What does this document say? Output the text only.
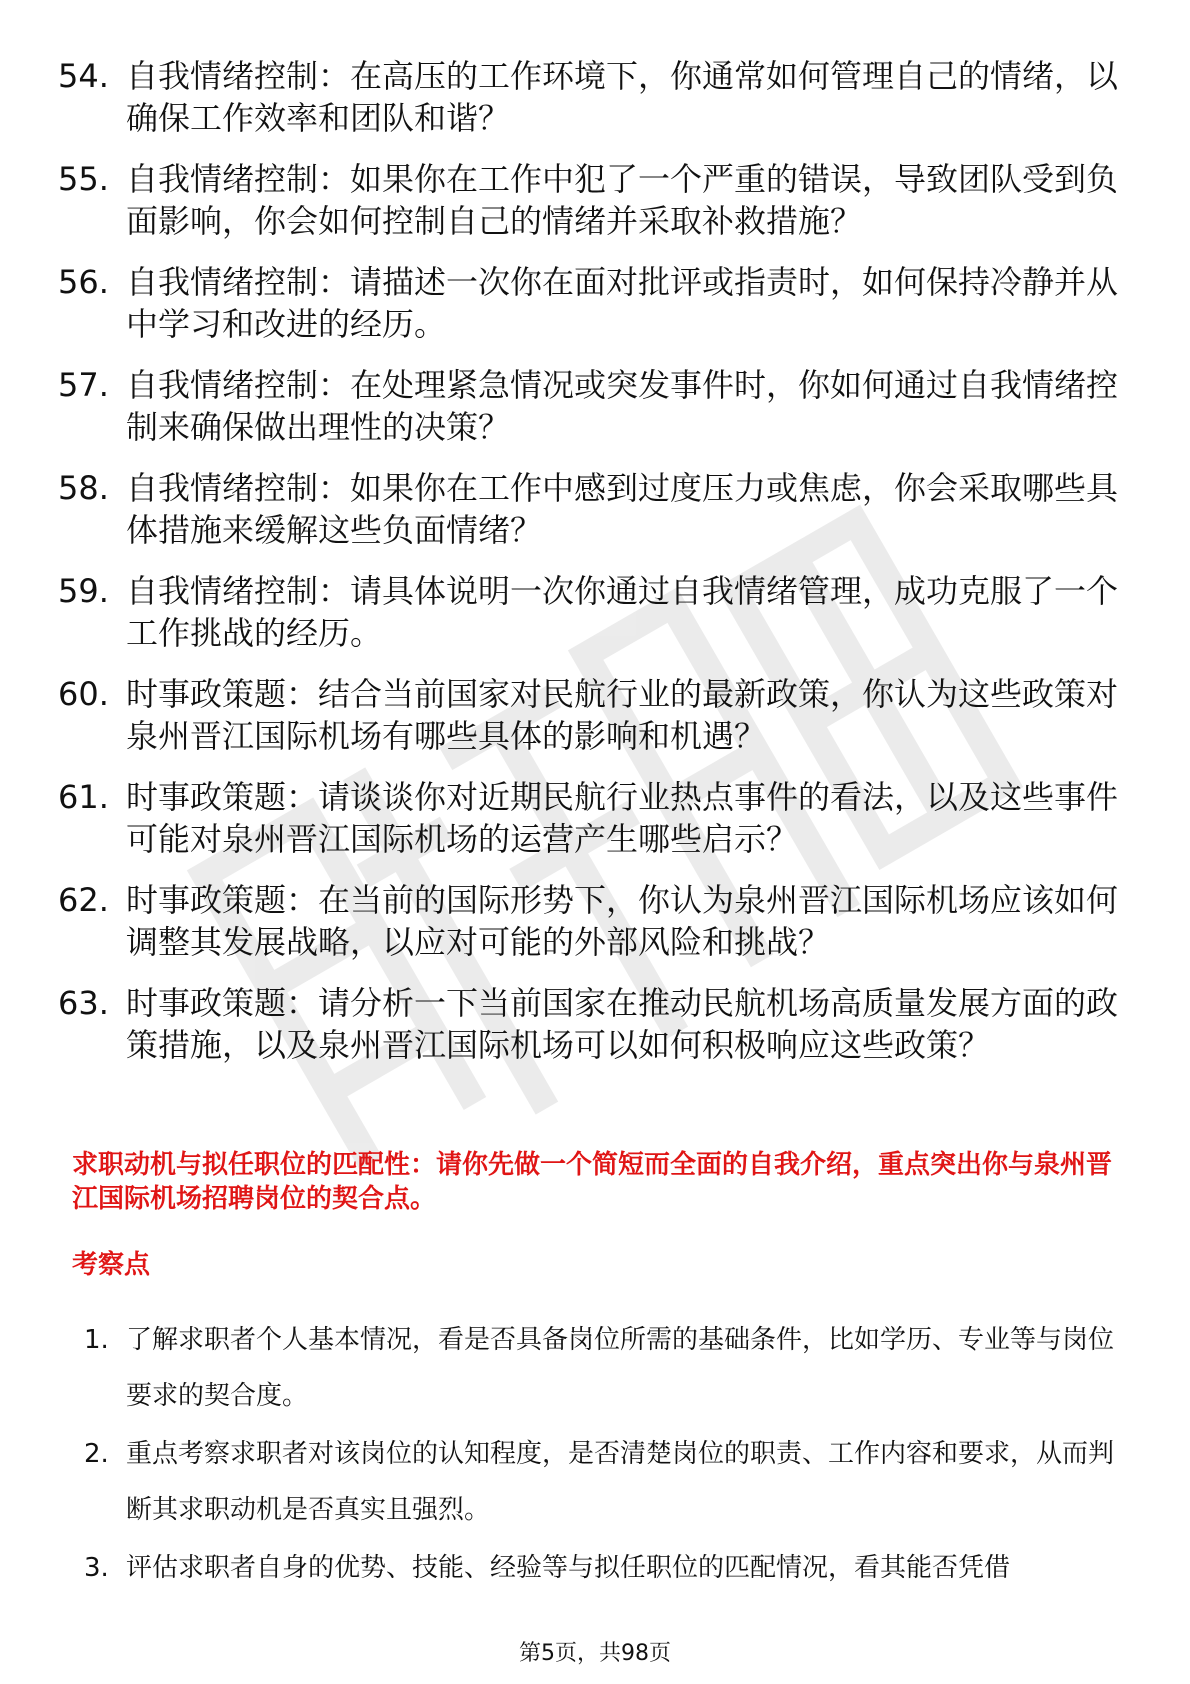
54. 自我情绪控制：在高压的工作环境下，你通常如何管理自己的情绪，以确保工作效率和团队和谐？
55. 自我情绪控制：如果你在工作中犯了一个严重的错误，导致团队受到负面影响，你会如何控制自己的情绪并采取补救措施？
56. 自我情绪控制：请描述一次你在面对批评或指责时，如何保持冷静并从中学习和改进的经历。
57. 自我情绪控制：在处理紧急情况或突发事件时，你如何通过自我情绪控制来确保做出理性的决策？
58. 自我情绪控制：如果你在工作中感到过度压力或焦虑，你会采取哪些具体措施来缓解这些负面情绪？
59. 自我情绪控制：请具体说明一次你通过自我情绪管理，成功克服了一个工作挑战的经历。
60. 时事政策题：结合当前国家对民航行业的最新政策，你认为这些政策对泉州晋江国际机场有哪些具体的影响和机遇？
61. 时事政策题：请谈谈你对近期民航行业热点事件的看法，以及这些事件可能对泉州晋江国际机场的运营产生哪些启示？
62. 时事政策题：在当前的国际形势下，你认为泉州晋江国际机场应该如何调整其发展战略，以应对可能的外部风险和挑战？
63. 时事政策题：请分析一下当前国家在推动民航机场高质量发展方面的政策措施，以及泉州晋江国际机场可以如何积极响应这些政策？

求职动机与拟任职位的匹配性：请你先做一个简短而全面的自我介绍，重点突出你与泉州晋江国际机场招聘岗位的契合点。

考察点
1. 了解求职者个人基本情况，看是否具备岗位所需的基础条件，比如学历、专业等与岗位要求的契合度。
2. 重点考察求职者对该岗位的认知程度，是否清楚岗位的职责、工作内容和要求，从而判断其求职动机是否真实且强烈。
3. 评估求职者自身的优势、技能、经验等与拟任职位的匹配情况，看其能否凭借
第5页，共98页
